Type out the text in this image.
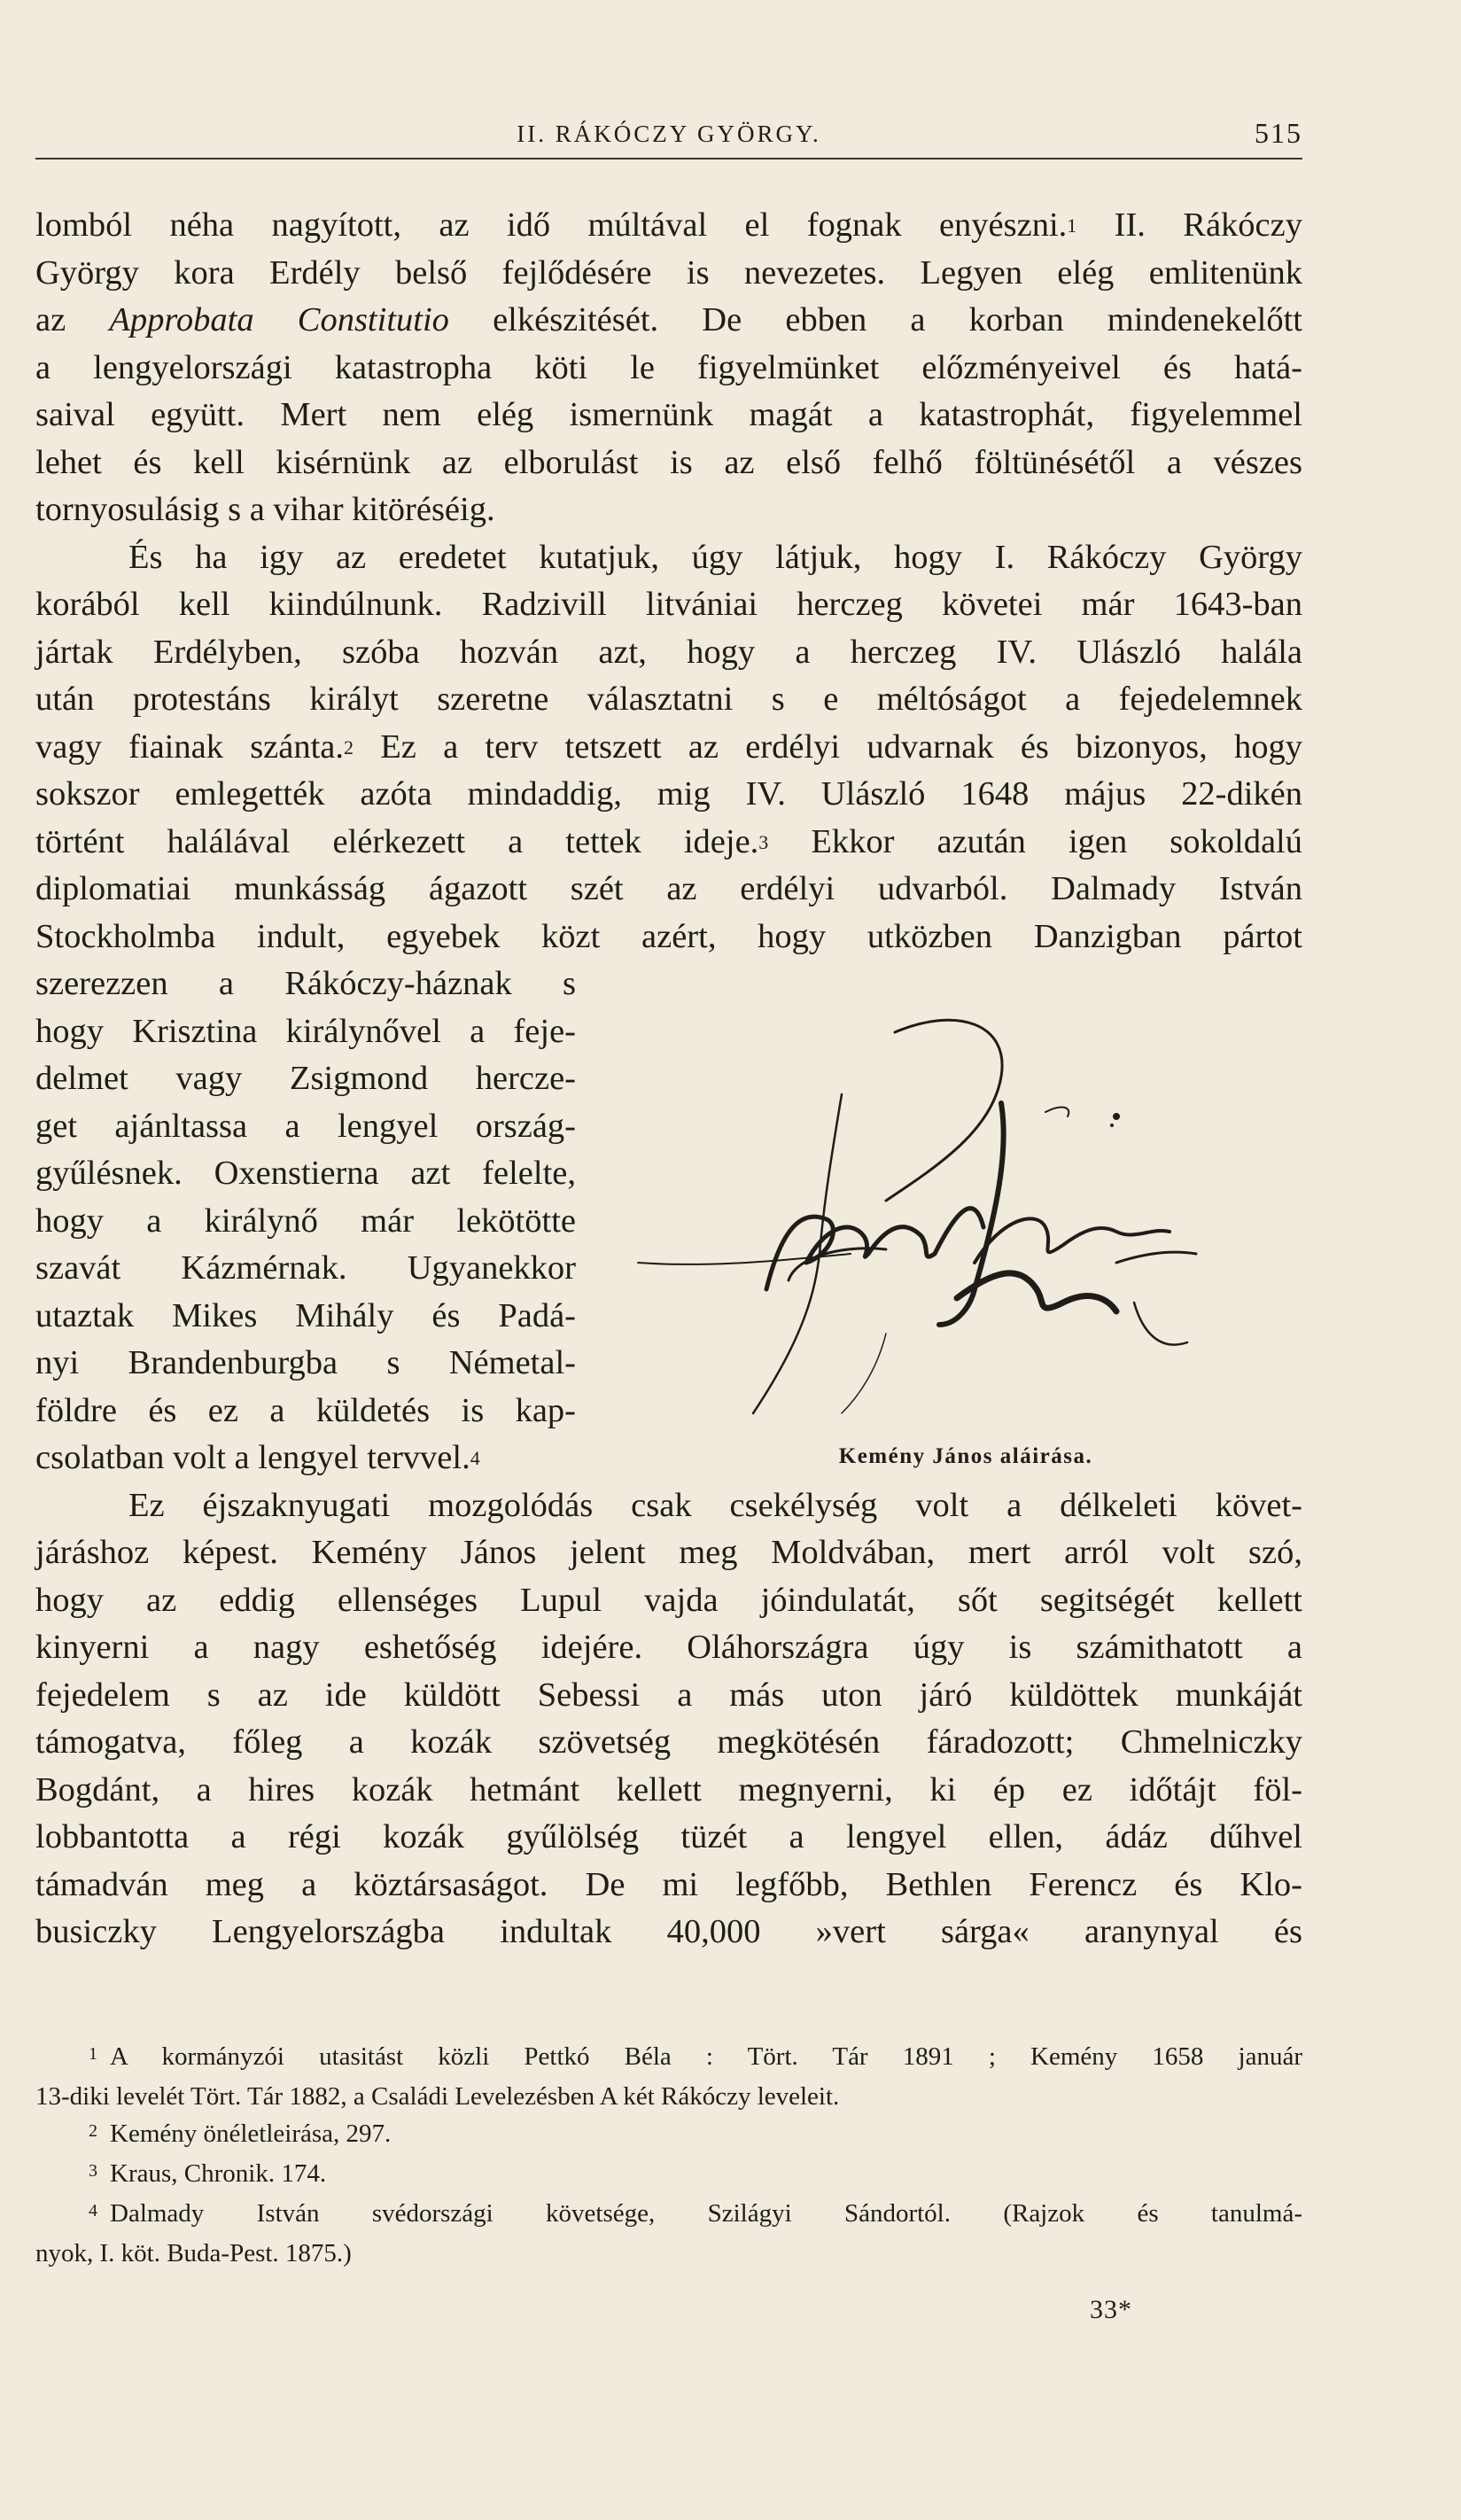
II. RÁKÓCZY GYÖRGY.	515
lomból néha nagyított, az idő múltával el fognak enyészni.$^1$ II. Rákóczy
György kora Erdély belső fejlődésére is nevezetes. Legyen elég emlitenünk
az Approbata Constitutio elkészitését. De ebben a korban mindenekelőtt
a lengyelországi katastropha köti le figyelmünket előzményeivel és hatá-
saival együtt. Mert nem elég ismernünk magát a katastrophát, figyelemmel
lehet és kell kisérnünk az elborulást is az első felhő föltünésétől a vészes
tornyosulásig s a vihar kitöréséig.
És ha igy az eredetet kutatjuk, úgy látjuk, hogy I. Rákóczy György
korából kell kiindúlnunk. Radzivill litvániai herczeg követei már 1643-ban
jártak Erdélyben, szóba hozván azt, hogy a herczeg IV. Ulászló halála
után protestáns királyt szeretne választatni s e méltóságot a fejedelemnek
vagy fiainak szánta.$^2$ Ez a terv tetszett az erdélyi udvarnak és bizonyos, hogy
sokszor emlegették azóta mindaddig, mig IV. Ulászló 1648 május 22-dikén
történt halálával elérkezett a tettek ideje.$^3$ Ekkor azután igen sokoldalú
diplomatiai munkásság ágazott szét az erdélyi udvarból. Dalmady István
Stockholmba indult, egyebek közt azért, hogy utközben Danzigban pártot
szerezzen a Rákóczy-háznak s
hogy Krisztina királynővel a feje-
delmet vagy Zsigmond hercze-
get ajánltassa a lengyel ország-
gyűlésnek. Oxenstierna azt felelte,
hogy a királynő már lekötötte
szavát Kázmérnak. Ugyanekkor
utaztak Mikes Mihály és Padá-
nyi Brandenburgba s Németal-
földre és ez a küldetés is kap-
csolatban volt a lengyel tervvel.$^4$
Ez éjszaknyugati mozgolódás csak csekélység volt a délkeleti követ-
járáshoz képest. Kemény János jelent meg Moldvában, mert arról volt szó,
hogy az eddig ellenséges Lupul vajda jóindulatát, sőt segitségét kellett
kinyerni a nagy eshetőség idejére. Oláhországra úgy is számithatott a
fejedelem s az ide küldött Sebessi a más uton járó küldöttek munkáját
támogatva, főleg a kozák szövetség megkötésén fáradozott; Chmelniczky
Bogdánt, a hires kozák hetmánt kellett megnyerni, ki ép ez időtájt föl-
lobbantotta a régi kozák gyűlölség tüzét a lengyel ellen, ádáz dűhvel
támadván meg a köztársaságot. De mi legfőbb, Bethlen Ferencz és Klo-
busiczky Lengyelországba indultak 40,000 »vert sárga« aranynyal és
Kemény János aláirása.
$^1$ A kormányzói utasitást közli Pettkó Béla : Tört. Tár 1891 ; Kemény 1658 január
13-diki levelét Tört. Tár 1882, a Családi Levelezésben A két Rákóczy leveleit.
$^2$ Kemény önéletleirása, 297.
$^3$ Kraus, Chronik. 174.
$^4$ Dalmady István svédországi követsége, Szilágyi Sándortól. (Rajzok és tanulmá-
nyok, I. köt. Buda-Pest. 1875.)
33*
